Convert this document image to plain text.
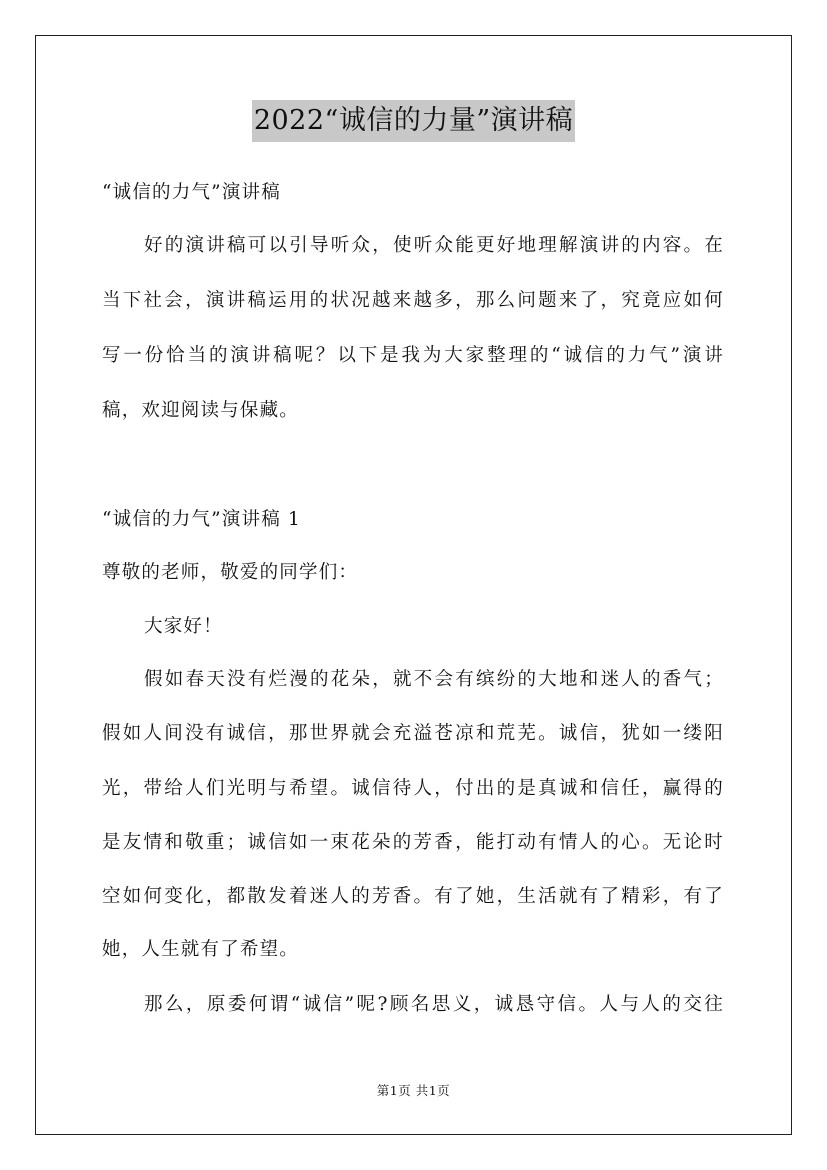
2022“诚信的力量”演讲稿
“诚信的力气”演讲稿
好的演讲稿可以引导听众，使听众能更好地理解演讲的内容。在
当下社会，演讲稿运用的状况越来越多，那么问题来了，究竟应如何
写一份恰当的演讲稿呢？以下是我为大家整理的“诚信的力气”演讲
稿，欢迎阅读与保藏。
“诚信的力气”演讲稿 1
尊敬的老师，敬爱的同学们：
大家好！
假如春天没有烂漫的花朵，就不会有缤纷的大地和迷人的香气；
假如人间没有诚信，那世界就会充溢苍凉和荒芜。诚信，犹如一缕阳
光，带给人们光明与希望。诚信待人，付出的是真诚和信任，赢得的
是友情和敬重；诚信如一束花朵的芳香，能打动有情人的心。无论时
空如何变化，都散发着迷人的芳香。有了她，生活就有了精彩，有了
她，人生就有了希望。
那么，原委何谓“诚信”呢?顾名思义，诚恳守信。人与人的交往
第1页 共1页
